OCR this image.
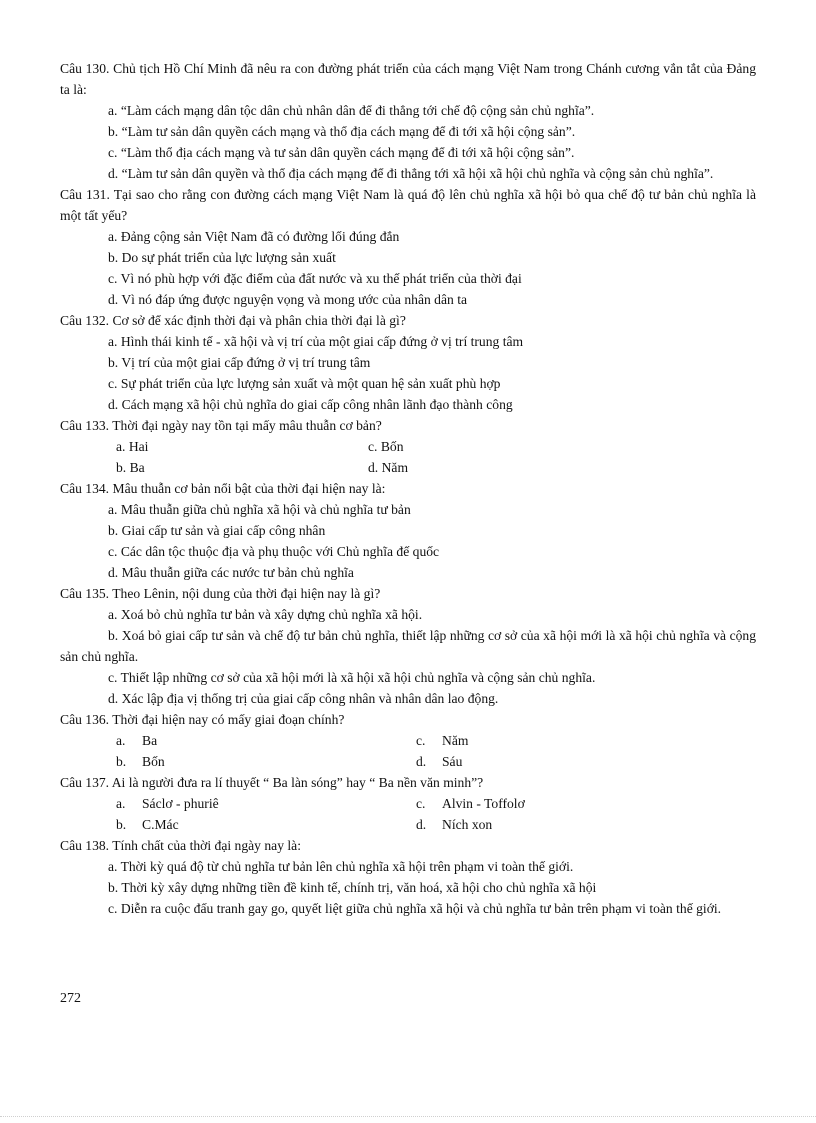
Câu 130. Chủ tịch Hồ Chí Minh đã nêu ra con đường phát triển của cách mạng Việt Nam trong Chánh cương vắn tắt của Đảng ta là:
a. “Làm cách mạng dân tộc dân chủ nhân dân để đi thẳng tới chế độ cộng sản chủ nghĩa”.
b. “Làm tư sản dân quyền cách mạng và thổ địa cách mạng để đi tới xã hội cộng sản”.
c. “Làm thổ địa cách mạng và tư sản dân quyền cách mạng để đi tới xã hội cộng sản”.
d. “Làm tư sản dân quyền và thổ địa cách mạng để đi thẳng tới xã hội xã hội chủ nghĩa và cộng sản chủ nghĩa”.
Câu 131. Tại sao cho rằng con đường cách mạng Việt Nam là quá độ lên chủ nghĩa xã hội bỏ qua chế độ tư bản chủ nghĩa là một tất yếu?
a. Đảng cộng sản Việt Nam đã có đường lối đúng đắn
b. Do sự phát triển của lực lượng sản xuất
c. Vì nó phù hợp với đặc điểm của đất nước và xu thế phát triển của thời đại
d. Vì nó đáp ứng được nguyện vọng và mong ước của nhân dân ta
Câu 132. Cơ sở để xác định thời đại và phân chia thời đại là gì?
a. Hình thái kinh tế - xã hội và vị trí của một giai cấp đứng ở vị trí trung tâm
b. Vị trí của một giai cấp đứng ở vị trí trung tâm
c. Sự phát triển của lực lượng sản xuất và một quan hệ sản xuất phù hợp
d. Cách mạng xã hội chủ nghĩa do giai cấp công nhân lãnh đạo thành công
Câu 133. Thời đại ngày nay tồn tại mấy mâu thuẫn cơ bản?
a. Hai	c. Bốn
b. Ba	d. Năm
Câu 134. Mâu thuẫn cơ bản nổi bật của thời đại hiện nay là:
a. Mâu thuẫn giữa chủ nghĩa xã hội và chủ nghĩa tư bản
b. Giai cấp tư sản và giai cấp công nhân
c. Các dân tộc thuộc địa và phụ thuộc với Chủ nghĩa đế quốc
d. Mâu thuẫn giữa các nước tư bản chủ nghĩa
Câu 135. Theo Lênin, nội dung của thời đại hiện nay là gì?
a. Xoá bỏ chủ nghĩa tư bản và xây dựng chủ nghĩa xã hội.
b. Xoá bỏ giai cấp tư sản và chế độ tư bản chủ nghĩa, thiết lập những cơ sở của xã hội mới là xã hội chủ nghĩa và cộng sản chủ nghĩa.
c. Thiết lập những cơ sở của xã hội mới là xã hội xã hội chủ nghĩa và cộng sản chủ nghĩa.
d. Xác lập địa vị thống trị của giai cấp công nhân và nhân dân lao động.
Câu 136. Thời đại hiện nay có mấy giai đoạn chính?
a. Ba	c. Năm
b. Bốn	d. Sáu
Câu 137. Ai là người đưa ra lí thuyết “ Ba làn sóng” hay “ Ba nền văn minh”?
a. Sáclơ - phuriê	c. Alvin - Toffolơ
b. C.Mác	d. Ních xon
Câu 138. Tính chất của thời đại ngày nay là:
a. Thời kỳ quá độ từ chủ nghĩa tư bản lên chủ nghĩa xã hội trên phạm vi toàn thế giới.
b. Thời kỳ xây dựng những tiền đề kinh tế, chính trị, văn hoá, xã hội cho chủ nghĩa xã hội
c. Diễn ra cuộc đấu tranh gay go, quyết liệt giữa chủ nghĩa xã hội và chủ nghĩa tư bản trên phạm vi toàn thế giới.
272
